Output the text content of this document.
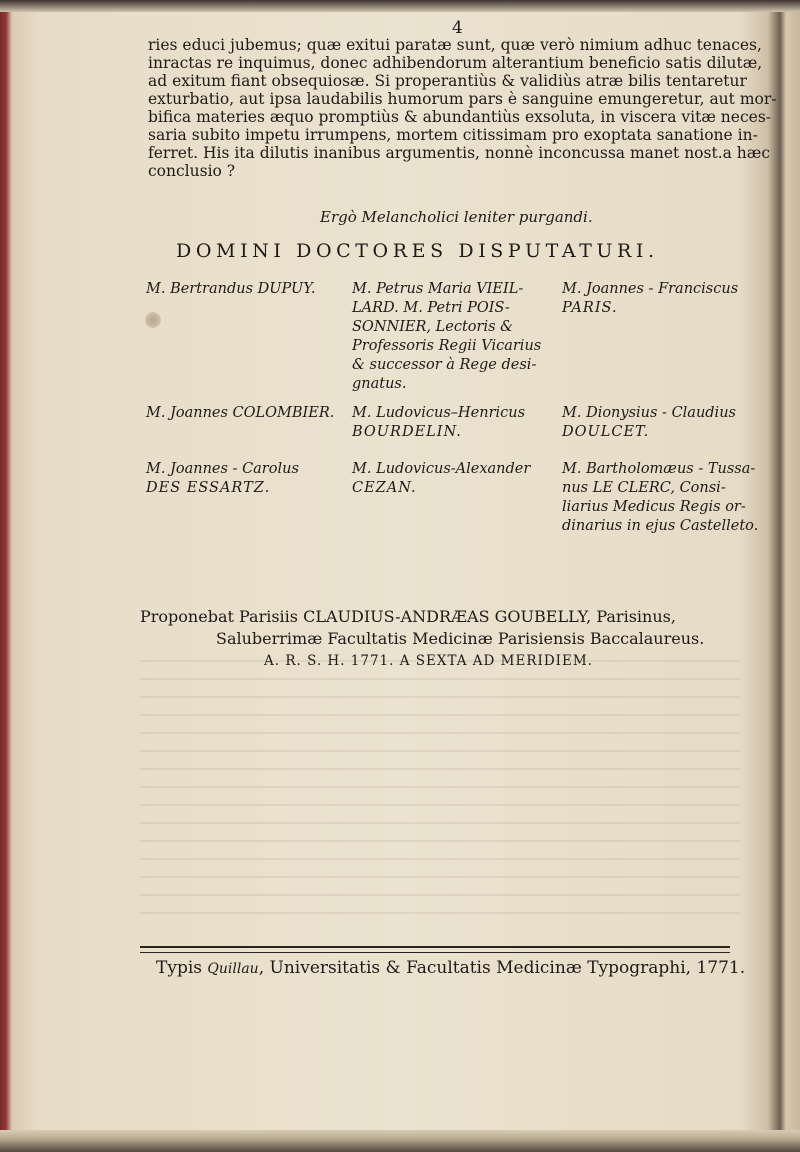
4
ries educi jubemus; quæ exitui paratæ sunt, quæ verò nimium adhuc tenaces,
inractas re inquimus, donec adhibendorum alterantium beneficio satis dilutæ,
ad exitum fiant obsequiosæ. Si properantiùs & validiùs atræ bilis tentaretur
exturbatio, aut ipsa laudabilis humorum pars è sanguine emungeretur, aut mor-
bifica materies æquo promptiùs & abundantiùs exsoluta, in viscera vitæ neces-
saria subito impetu irrumpens, mortem citissimam pro exoptata sanatione in-
ferret. His ita dilutis inanibus argumentis, nonnè inconcussa manet nost.a hæc
conclusio ?
Ergò Melancholici leniter purgandi.
DOMINI DOCTORES DISPUTATURI.
M. Bertrandus DUPUY.
M. Joannes COLOMBIER.
M. Joannes - Carolus
DES ESSARTZ.
M. Petrus Maria VIEIL-
LARD. M. Petri POIS-
SONNIER, Lectoris &
Professoris Regii Vicarius
& successor à Rege desi-
gnatus.
M. Ludovicus–Henricus
BOURDELIN.
M. Ludovicus-Alexander
CEZAN.
M. Joannes - Franciscus
PARIS.
M. Dionysius - Claudius
DOULCET.
M. Bartholomæus - Tussa-
nus LE CLERC, Consi-
liarius Medicus Regis or-
dinarius in ejus Castelleto.
Proponebat Parisiis CLAUDIUS-ANDRÆAS GOUBELLY, Parisinus,
Saluberrimæ Facultatis Medicinæ Parisiensis Baccalaureus.
A. R. S. H. 1771. A SEXTA AD MERIDIEM.
Typis Quillau, Universitatis & Facultatis Medicinæ Typographi, 1771.
